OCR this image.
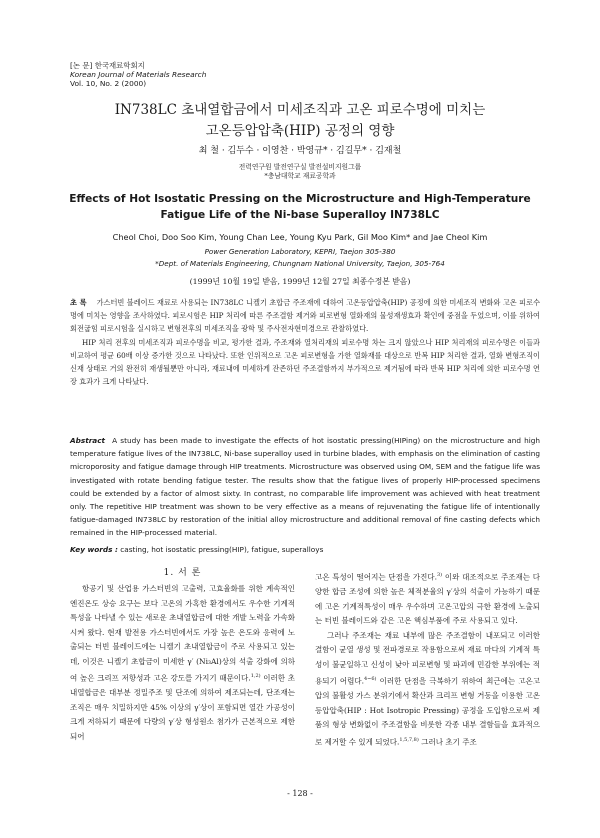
[논 문] 한국재료학회지
Korean Journal of Materials Research
Vol. 10, No. 2 (2000)
IN738LC 초내열합금에서 미세조직과 고온 피로수명에 미치는
고온등압압축(HIP) 공정의 영향
최 철 · 김두수 · 이영찬 · 박영규* · 김길무* · 김재철
전력연구원 발전연구실 발전설비지원그룹
*충남대학교 재료공학과
Effects of Hot Isostatic Pressing on the Microstructure and High-Temperature
Fatigue Life of the Ni-base Superalloy IN738LC
Cheol Choi, Doo Soo Kim, Young Chan Lee, Young Kyu Park, Gil Moo Kim* and Jae Cheol Kim
Power Generation Laboratory, KEPRI, Taejon 305-380
*Dept. of Materials Engineering, Chungnam National University, Taejon, 305-764
(1999년 10월 19일 받음, 1999년 12월 27일 최종수정본 받음)

초 록 가스터빈 블레이드 재료로 사용되는 IN738LC 니켈기 초합금 주조재에 대하여 고온등압압축(HIP) 공정에 의한 미세조직 변화와 고온 피로수명에 미치는 영향을 조사하였다. 피로시험은 HIP 처리에 따른 주조결함 제거와 피로변형 열화재의 물성재생효과 확인에 중점을 두었으며, 이를 위하여 회전굽힘 피로시험을 실시하고 변형전후의 미세조직을 광학 및 주사전자현미경으로 관찰하였다.

HIP 처리 전후의 미세조직과 피로수명을 비교, 평가한 결과, 주조재와 열처리재의 피로수명 차는 크지 않았으나 HIP 처리재의 피로수명은 이들과 비교하여 평균 60배 이상 증가한 것으로 나타났다. 또한 인위적으로 고온 피로변형을 가한 열화재를 대상으로 반복 HIP 처리한 결과, 열화 변형조직이 신재 상태로 거의 완전히 재생될뿐만 아니라, 재료내에 미세하게 잔존하던 주조결함까지 부가적으로 제거됨에 따라 반복 HIP 처리에 의한 피로수명 연장 효과가 크게 나타났다.

Abstract A study has been made to investigate the effects of hot isostatic pressing(HIPing) on the microstructure and high temperature fatigue lives of the IN738LC, Ni-base superalloy used in turbine blades, with emphasis on the elimination of casting microporosity and fatigue damage through HIP treatments. Microstructure was observed using OM, SEM and the fatigue life was investigated with rotate bending fatigue tester. The results show that the fatigue lives of properly HIP-processed specimens could be extended by a factor of almost sixty. In contrast, no comparable life improvement was achieved with heat treatment only. The repetitive HIP treatment was shown to be very effective as a means of rejuvenating the fatigue life of intentionally fatigue-damaged IN738LC by restoration of the initial alloy microstructure and additional removal of fine casting defects which remained in the HIP-processed material.
Key words : casting, hot isostatic pressing(HIP), fatigue, superalloys
1. 서 론

항공기 및 산업용 가스터빈의 고출력, 고효율화를 위한 계속적인 엔진온도 상승 요구는 보다 고온의 가혹한 환경에서도 우수한 기계적 특성을 나타낼 수 있는 새로운 초내열합금에 대한 개발 노력을 가속화시켜 왔다. 현재 발전용 가스터빈에서도 가장 높은 온도와 응력에 노출되는 터빈 블레이드에는 니켈기 초내열합금이 주로 사용되고 있는데, 이것은 니켈기 초합금이 미세한 γ′ (Ni₃Al)상의 석출 강화에 의하여 높은 크리프 저항성과 고온 강도를 가지기 때문이다.$^{1,2)}$ 이러한 초내열합금은 대부분 정밀주조 및 단조에 의하여 제조되는데, 단조재는 조직은 매우 치밀하지만 45% 이상의 γ′상이 포함되면 열간 가공성이 크게 저하되기 때문에 다량의 γ′상 형성원소 첨가가 근본적으로 제한되어

고온 특성이 떨어지는 단점을 가진다.$^{3)}$ 이와 대조적으로 주조재는 다양한 합금 조성에 의한 높은 체적분율의 γ′상의 석출이 가능하기 때문에 고온 기계적특성이 매우 우수하며 고온고압의 극한 환경에 노출되는 터빈 블레이드와 같은 고온 핵심부품에 주로 사용되고 있다.

그러나 주조재는 재료 내부에 많은 주조결함이 내포되고 이러한 결함이 균열 생성 및 전파경로로 작용함으로써 재료 마다의 기계적 특성이 불균일하고 신성이 낮아 피로변형 및 파괴에 민감한 부위에는 적용되기 어렵다.$^{4\sim 6)}$ 이러한 단점을 극복하기 위하여 최근에는 고온고압의 불활성 가스 분위기에서 확산과 크리프 변형 거동을 이용한 고온등압압축(HIP : Hot Isotropic Pressing) 공정을 도입함으로써 제품의 형상 변화없이 주조결함을 비롯한 각종 내부 결함들을 효과적으로 제거할 수 있게 되었다.$^{1,5,7,8)}$ 그러나 초기 주조

- 128 -
